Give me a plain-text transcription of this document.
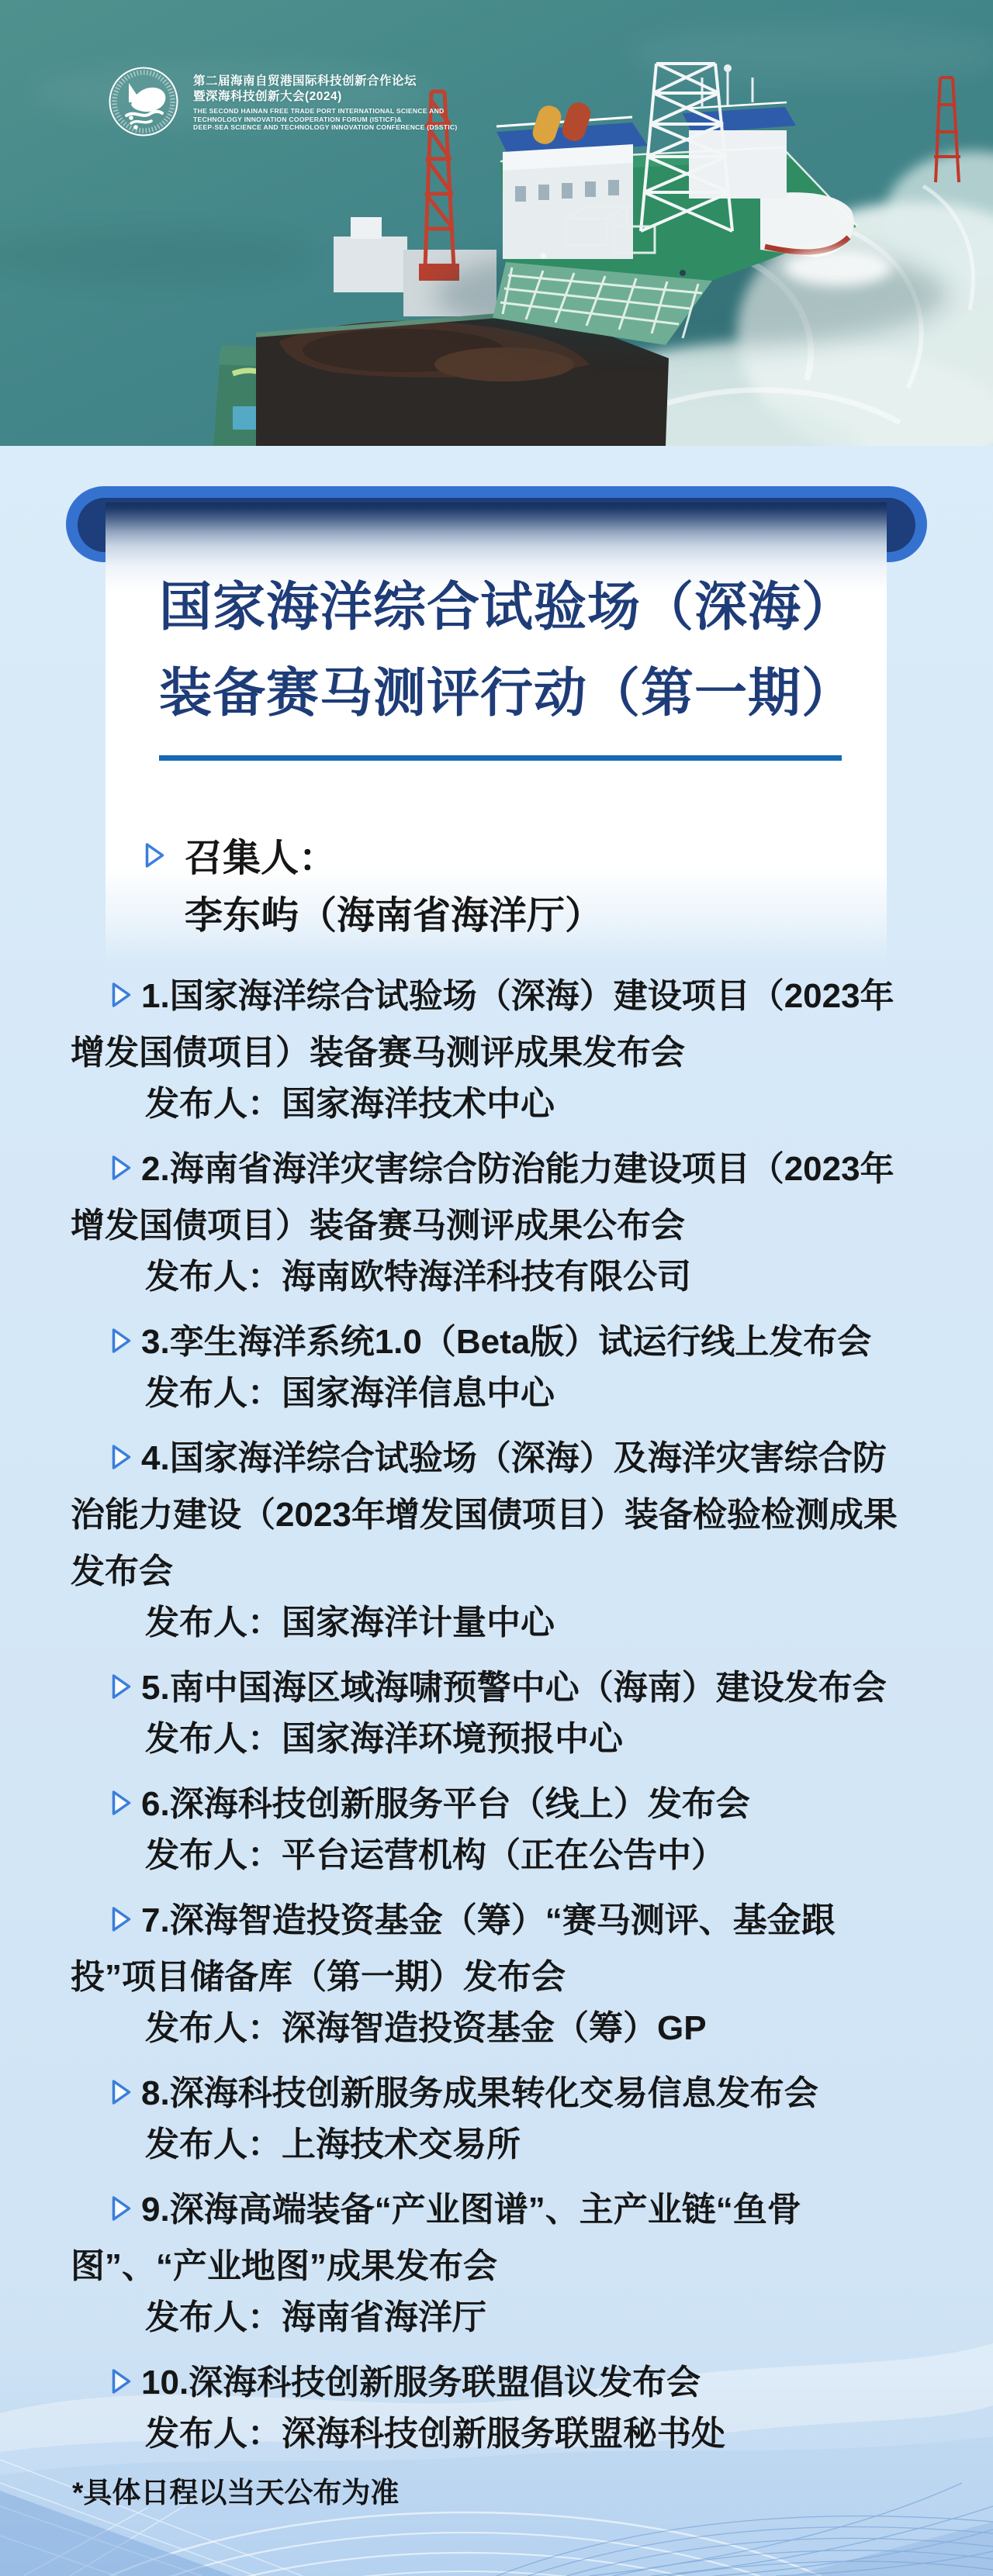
第二届海南自贸港国际科技创新合作论坛
暨深海科技创新大会(2024)
THE SECOND HAINAN FREE TRADE PORT INTERNATIONAL SCIENCE AND
TECHNOLOGY INNOVATION COOPERATION FORUM (ISTICF)&
DEEP-SEA SCIENCE AND TECHNOLOGY INNOVATION CONFERENCE (DSSTIC)
国家海洋综合试验场（深海）
装备赛马测评行动（第一期）
召集人：
李东屿（海南省海洋厅）

1.国家海洋综合试验场（深海）建设项目（2023年
增发国债项目）装备赛马测评成果发布会

发布人：国家海洋技术中心

2.海南省海洋灾害综合防治能力建设项目（2023年
增发国债项目）装备赛马测评成果公布会

发布人：海南欧特海洋科技有限公司

3.孪生海洋系统1.0（Beta版）试运行线上发布会

发布人：国家海洋信息中心

4.国家海洋综合试验场（深海）及海洋灾害综合防
治能力建设（2023年增发国债项目）装备检验检测成果
发布会

发布人：国家海洋计量中心

5.南中国海区域海啸预警中心（海南）建设发布会

发布人：国家海洋环境预报中心

6.深海科技创新服务平台（线上）发布会

发布人：平台运营机构（正在公告中）

7.深海智造投资基金（筹）“赛马测评、基金跟
投”项目储备库（第一期）发布会

发布人：深海智造投资基金（筹）GP

8.深海科技创新服务成果转化交易信息发布会

发布人：上海技术交易所

9.深海高端装备“产业图谱”、主产业链“鱼骨
图”、“产业地图”成果发布会

发布人：海南省海洋厅

10.深海科技创新服务联盟倡议发布会

发布人：深海科技创新服务联盟秘书处

*具体日程以当天公布为准
